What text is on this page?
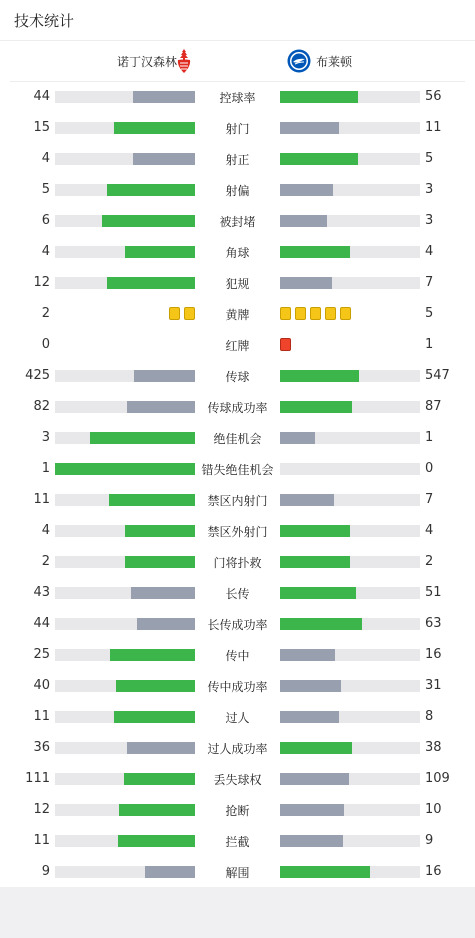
技术统计
诺丁汉森林	布莱顿
44	控球率	56
15	射门	11
4	射正	5
5	射偏	3
6	被封堵	3
4	角球	4
12	犯规	7
2	黄牌	5
0	红牌	1
425	传球	547
82	传球成功率	87
3	绝佳机会	1
1	错失绝佳机会	0
11	禁区内射门	7
4	禁区外射门	4
2	门将扑救	2
43	长传	51
44	长传成功率	63
25	传中	16
40	传中成功率	31
11	过人	8
36	过人成功率	38
111	丢失球权	109
12	抢断	10
11	拦截	9
9	解围	16
